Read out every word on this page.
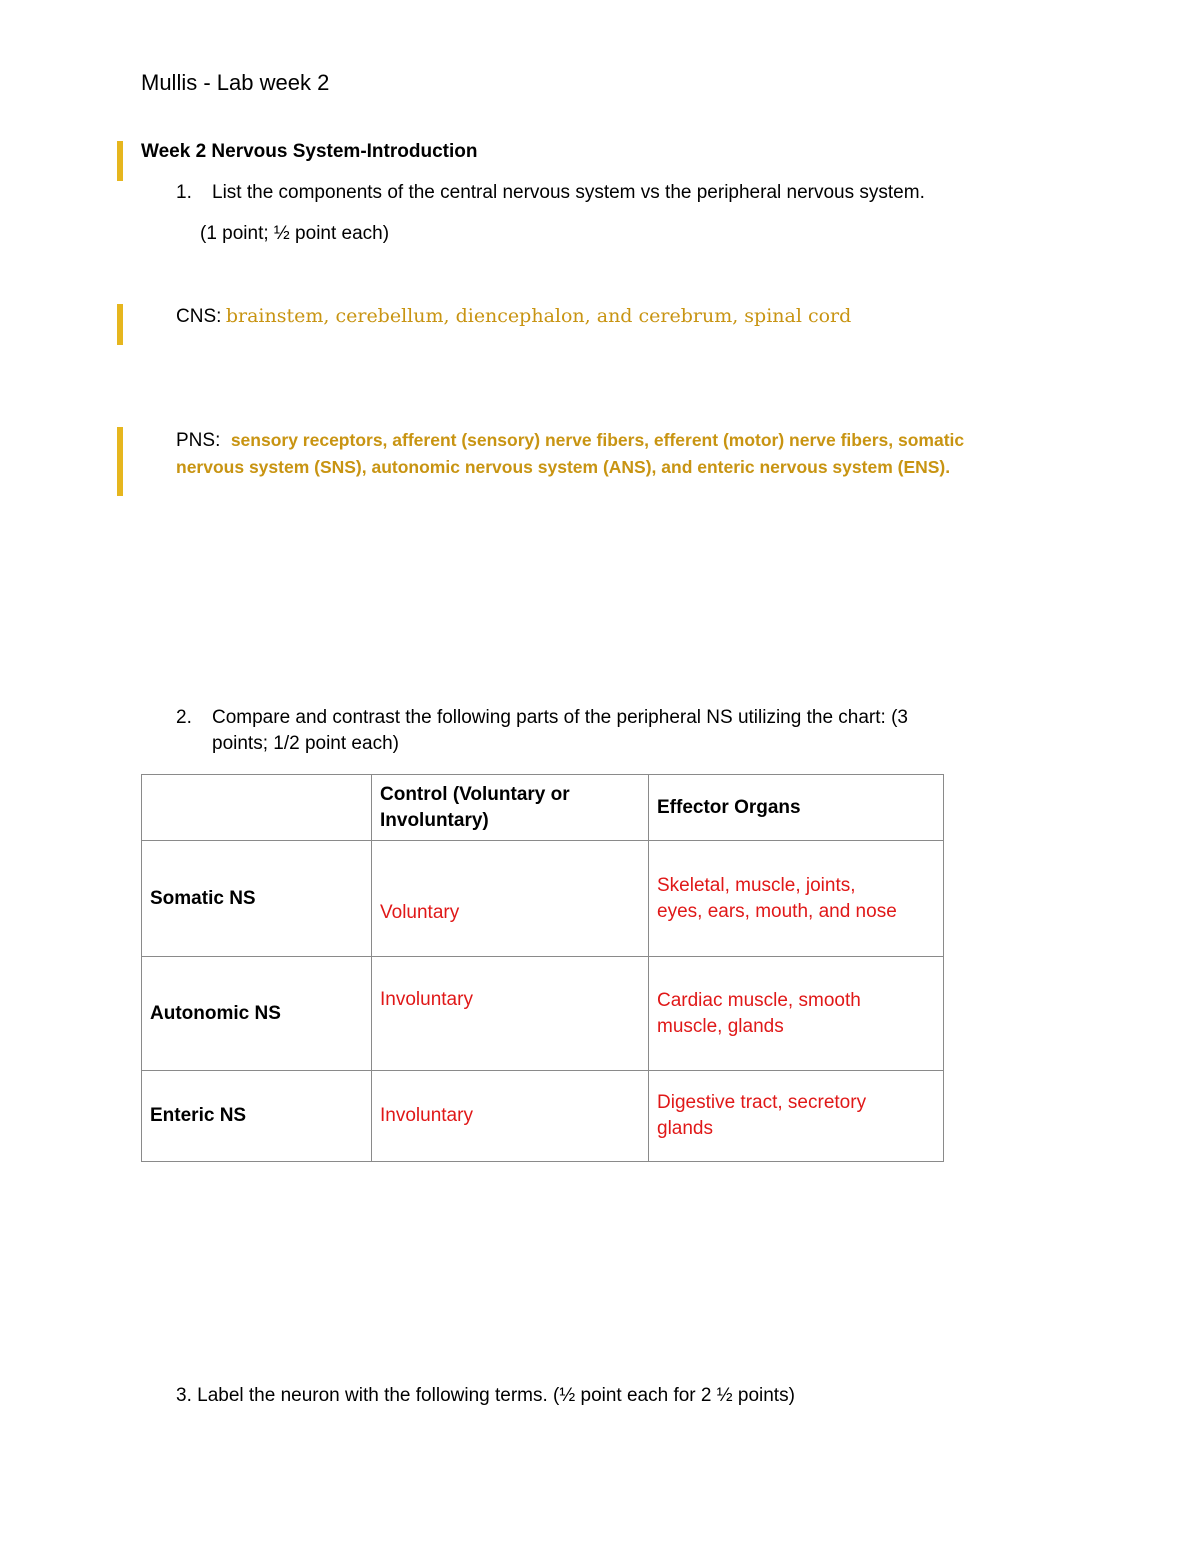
Mullis - Lab week 2
Week 2 Nervous System-Introduction
1. List the components of the central nervous system vs the peripheral nervous system.
(1 point; ½ point each)
CNS: brainstem, cerebellum, diencephalon, and cerebrum, spinal cord
PNS: sensory receptors, afferent (sensory) nerve fibers, efferent (motor) nerve fibers, somatic
nervous system (SNS), autonomic nervous system (ANS), and enteric nervous system (ENS).
2. Compare and contrast the following parts of the peripheral NS utilizing the chart: (3
points; 1/2 point each)

	Control (Voluntary or
Involuntary)	Effector Organs
Somatic NS	Voluntary	Skeletal, muscle, joints,
eyes, ears, mouth, and nose

Autonomic NS	Involuntary	Cardiac muscle, smooth
muscle, glands

Enteric NS	Involuntary	Digestive tract, secretory
glands
3. Label the neuron with the following terms. (½ point each for 2 ½ points)
